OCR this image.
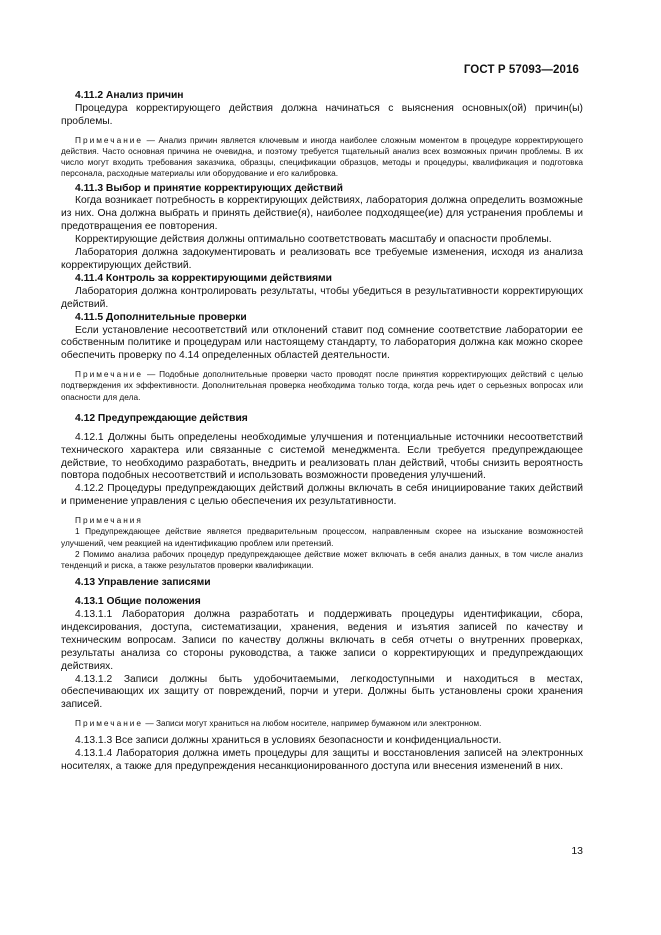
ГОСТ Р 57093—2016

4.11.2 Анализ причин

Процедура корректирующего действия должна начинаться с выяснения основных(ой) причин(ы) проблемы.

Примечание — Анализ причин является ключевым и иногда наиболее сложным моментом в процедуре корректирующего действия. Часто основная причина не очевидна, и поэтому требуется тщательный анализ всех возможных причин проблемы. В их число могут входить требования заказчика, образцы, спецификации образцов, методы и процедуры, квалификация и подготовка персонала, расходные материалы или оборудование и его калибровка.

4.11.3 Выбор и принятие корректирующих действий

Когда возникает потребность в корректирующих действиях, лаборатория должна определить возможные из них. Она должна выбрать и принять действие(я), наиболее подходящее(ие) для устранения проблемы и предотвращения ее повторения.

Корректирующие действия должны оптимально соответствовать масштабу и опасности проблемы.

Лаборатория должна задокументировать и реализовать все требуемые изменения, исходя из анализа корректирующих действий.

4.11.4 Контроль за корректирующими действиями

Лаборатория должна контролировать результаты, чтобы убедиться в результативности корректирующих действий.

4.11.5 Дополнительные проверки

Если установление несоответствий или отклонений ставит под сомнение соответствие лаборатории ее собственным политике и процедурам или настоящему стандарту, то лаборатория должна как можно скорее обеспечить проверку по 4.14 определенных областей деятельности.

Примечание — Подобные дополнительные проверки часто проводят после принятия корректирующих действий с целью подтверждения их эффективности. Дополнительная проверка необходима только тогда, когда речь идет о серьезных вопросах или опасности для дела.

4.12 Предупреждающие действия

4.12.1 Должны быть определены необходимые улучшения и потенциальные источники несоответствий технического характера или связанные с системой менеджмента. Если требуется предупреждающее действие, то необходимо разработать, внедрить и реализовать план действий, чтобы снизить вероятность повтора подобных несоответствий и использовать возможности проведения улучшений.

4.12.2 Процедуры предупреждающих действий должны включать в себя инициирование таких действий и применение управления с целью обеспечения их результативности.

Примечания

1 Предупреждающее действие является предварительным процессом, направленным скорее на изыскание возможностей улучшений, чем реакцией на идентификацию проблем или претензий.

2 Помимо анализа рабочих процедур предупреждающее действие может включать в себя анализ данных, в том числе анализ тенденций и риска, а также результатов проверки квалификации.

4.13 Управление записями

4.13.1 Общие положения

4.13.1.1 Лаборатория должна разработать и поддерживать процедуры идентификации, сбора, индексирования, доступа, систематизации, хранения, ведения и изъятия записей по качеству и техническим вопросам. Записи по качеству должны включать в себя отчеты о внутренних проверках, результаты анализа со стороны руководства, а также записи о корректирующих и предупреждающих действиях.

4.13.1.2 Записи должны быть удобочитаемыми, легкодоступными и находиться в местах, обеспечивающих их защиту от повреждений, порчи и утери. Должны быть установлены сроки хранения записей.

Примечание — Записи могут храниться на любом носителе, например бумажном или электронном.

4.13.1.3 Все записи должны храниться в условиях безопасности и конфиденциальности.

4.13.1.4 Лаборатория должна иметь процедуры для защиты и восстановления записей на электронных носителях, а также для предупреждения несанкционированного доступа или внесения изменений в них.

13
